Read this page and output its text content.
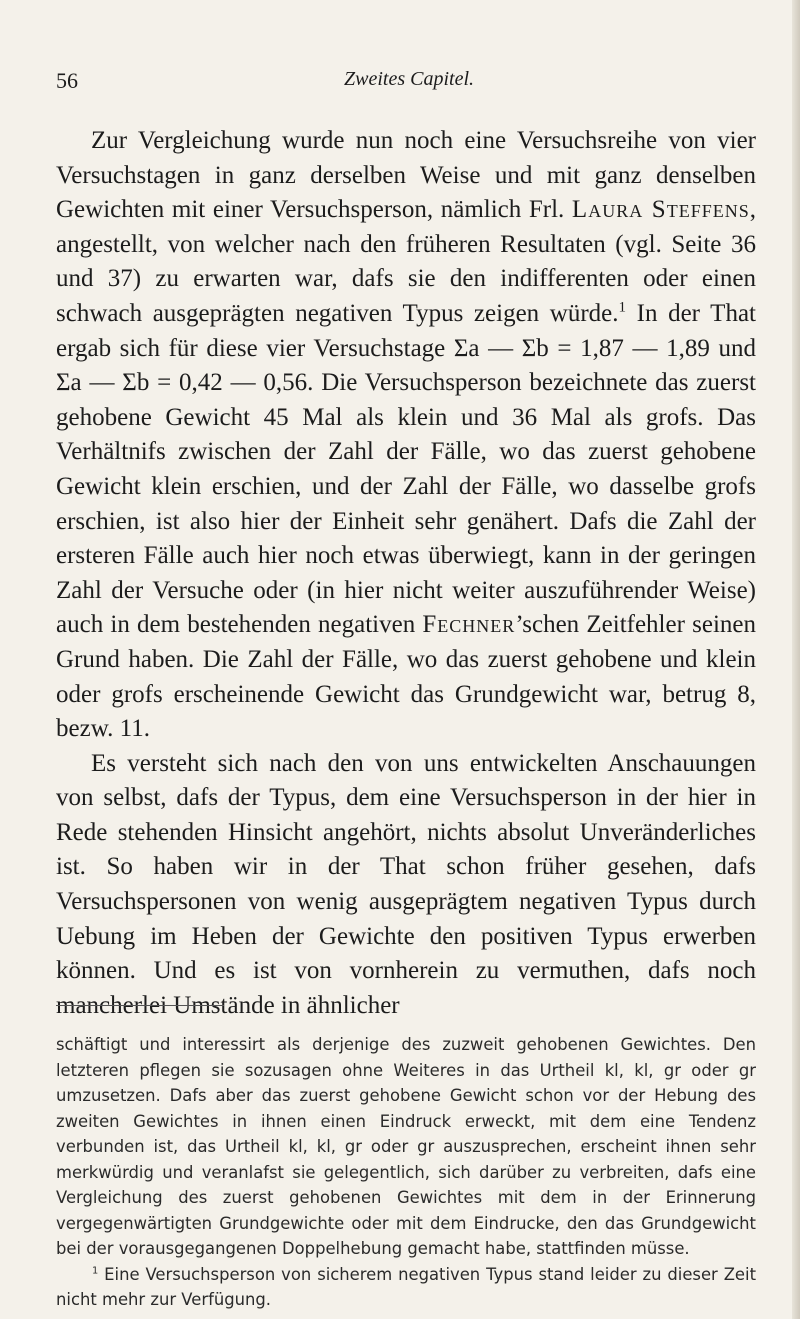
56	Zweites Capitel.

Zur Vergleichung wurde nun noch eine Versuchsreihe von vier Versuchstagen in ganz derselben Weise und mit ganz denselben Gewichten mit einer Versuchsperson, nämlich Frl. Laura Steffens, angestellt, von welcher nach den früheren Resultaten (vgl. Seite 36 und 37) zu erwarten war, dafs sie den indifferenten oder einen schwach ausgeprägten negativen Typus zeigen würde.$^1$ In der That ergab sich für diese vier Versuchstage Σa — Σb = 1,87 — 1,89 und Σa — Σb = 0,42 — 0,56. Die Versuchsperson bezeichnete das zuerst gehobene Gewicht 45 Mal als klein und 36 Mal als grofs. Das Verhältnifs zwischen der Zahl der Fälle, wo das zuerst gehobene Gewicht klein erschien, und der Zahl der Fälle, wo dasselbe grofs erschien, ist also hier der Einheit sehr genähert. Dafs die Zahl der ersteren Fälle auch hier noch etwas überwiegt, kann in der geringen Zahl der Versuche oder (in hier nicht weiter auszuführender Weise) auch in dem bestehenden negativen Fechner’schen Zeitfehler seinen Grund haben. Die Zahl der Fälle, wo das zuerst gehobene und klein oder grofs erscheinende Gewicht das Grundgewicht war, betrug 8, bezw. 11.

Es versteht sich nach den von uns entwickelten Anschauungen von selbst, dafs der Typus, dem eine Versuchsperson in der hier in Rede stehenden Hinsicht angehört, nichts absolut Unveränderliches ist. So haben wir in der That schon früher gesehen, dafs Versuchspersonen von wenig ausgeprägtem negativen Typus durch Uebung im Heben der Gewichte den positiven Typus erwerben können. Und es ist von vornherein zu vermuthen, dafs noch mancherlei Umstände in ähnlicher

schäftigt und interessirt als derjenige des zuzweit gehobenen Gewichtes. Den letzteren pflegen sie sozusagen ohne Weiteres in das Urtheil kl, kl, gr oder gr umzusetzen. Dafs aber das zuerst gehobene Gewicht schon vor der Hebung des zweiten Gewichtes in ihnen einen Eindruck erweckt, mit dem eine Tendenz verbunden ist, das Urtheil kl, kl, gr oder gr auszusprechen, erscheint ihnen sehr merkwürdig und veranlafst sie gelegentlich, sich darüber zu verbreiten, dafs eine Vergleichung des zuerst gehobenen Gewichtes mit dem in der Erinnerung vergegenwärtigten Grundgewichte oder mit dem Eindrucke, den das Grundgewicht bei der vorausgegangenen Doppelhebung gemacht habe, stattfinden müsse.

$^1$ Eine Versuchsperson von sicherem negativen Typus stand leider zu dieser Zeit nicht mehr zur Verfügung.
